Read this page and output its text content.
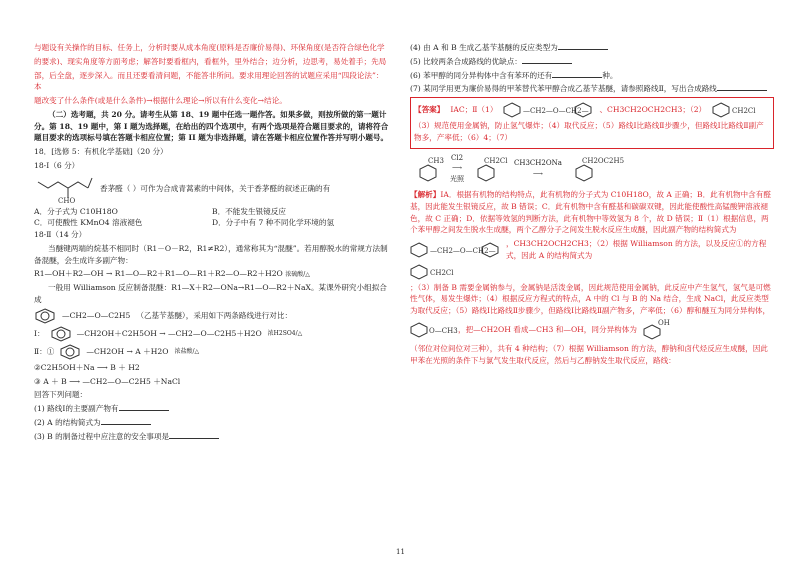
与题设有关操作的目标、任务上，分析时要从成本角度(原料是否廉价易得)、环保角度(是否符合绿色化学

的要求)、现实角度等方面考虑；解答时要看框内，看框外，里外结合；边分析，边思考，易处着手；先局

部，后全盘，逐步深入。而且还要看清问题，不能答非所问。要求用理论回答的试题应采用“四段论法”：本

题改变了什么条件(或是什么条件)→根据什么理论→所以有什么变化→结论。

（二）选考题，共 20 分。请考生从第 18、19 题中任选一题作答。如果多做，则按所做的第一题计分。第 18、19 题中，第 I 题为选择题，在给出的四个选项中，有两个选项是符合题目要求的，请将符合题目要求的选项标号填在答题卡相应位置；第 II 题为非选择题，请在答题卡相应位置作答并写明小题号。

18．[选修 5：有机化学基础]（20 分）

18-Ⅰ（6 分）

CHO
香茅醛（ ）可作为合成青蒿素的中间体，关于香茅醛的叙述正确的有
A．分子式为 C10H18O	B．不能发生银镜反应
C．可使酸性 KMnO4 溶液褪色	D．分子中有 7 种不同化学环境的氢

18-Ⅱ（14 分）

当醚键两端的烷基不相同时（R1－O－R2，R1≠R2），通常称其为“混醚”。若用醇脱水的常规方法制备混醚，会生成许多副产物：

R1—OH＋R2—OH → R1—O—R2＋R1—O—R1＋R2—O—R2＋H2O 浓硫酸/△

一般用 Williamson 反应制备混醚：R1—X＋R2—ONa→R1—O—R2＋NaX。某课外研究小组拟合成

—CH2—O—C2H5 （乙基苄基醚），采用如下两条路线进行对比：
Ⅰ：	—CH2OH＋C2H5OH → —CH2—O—C2H5＋H2O 浓H2SO4/△
Ⅱ：①	—CH2OH → A ＋H2O 浓盐酸/△

②C2H5OH＋Na ⟶ B ＋ H2

③ A ＋ B ⟶ —CH2—O—C2H5 ＋NaCl

回答下列问题：

(1) 路线Ⅰ的主要副产物有

(2) A 的结构简式为

(3) B 的制备过程中应注意的安全事项是

(4) 由 A 和 B 生成乙基苄基醚的反应类型为

(5) 比较两条合成路线的优缺点：

(6) 苯甲醇的同分异构体中含有苯环的还有	种。

(7) 某同学用更为廉价易得的甲苯替代苯甲醇合成乙基苄基醚，请参照路线Ⅱ，写出合成路线

【答案】 ⅠAC；Ⅱ（1）	—CH2—O—CH2— 、CH3CH2OCH2CH3；（2）	CH2Cl

（3）规范使用金属钠，防止氢气爆炸；（4）取代反应；（5）路线Ⅰ比路线Ⅱ步骤少，但路线Ⅰ比路线Ⅱ副产物多，产率低；（6）4；（7）

CH3 Cl2
⟶
光照
CH2Cl CH3CH2ONa
⟶
CH2OC2H5

【解析】ⅠA．根据有机物的结构特点，此有机物的分子式为 C10H18O，故 A 正确；B．此有机物中含有醛基，因此能发生银镜反应，故 B 错误；C．此有机物中含有醛基和碳碳双键，因此能使酸性高锰酸钾溶液褪色，故 C 正确；D．依据等效氢的判断方法，此有机物中等效氢为 8 个，故 D 错误；Ⅱ（1）根据信息，两个苯甲醇之间发生脱水生成醚，两个乙醇分子之间发生脱水反应生成醚，因此副产物的结构简式为

—CH2—O—CH2—
，CH3CH2OCH2CH3；（2）根据 Williamson 的方法，以及反应①的方程式，因此 A 的结构简式为
CH2Cl

；（3）制备 B 需要金属钠参与，金属钠是活泼金属，因此规范使用金属钠，此反应中产生氢气，氢气是可燃性气体，易发生爆炸；（4）根据反应方程式的特点，A 中的 Cl 与 B 的 Na 结合，生成 NaCl，此反应类型为取代反应；（5）路线Ⅰ比路线Ⅱ步骤少，但路线Ⅰ比路线Ⅱ副产物多，产率低；（6）醇和醚互为同分异构体，

O—CH3 ，把—CH2OH 看成—CH3 和—OH，同分异构体为
OH

（邻位对位间位对三种），共有 4 种结构；（7）根据 Williamson 的方法，醇钠和卤代烃反应生成醚，因此甲苯在光照的条件下与氯气发生取代反应，然后与乙醇钠发生取代反应，路线：

11
